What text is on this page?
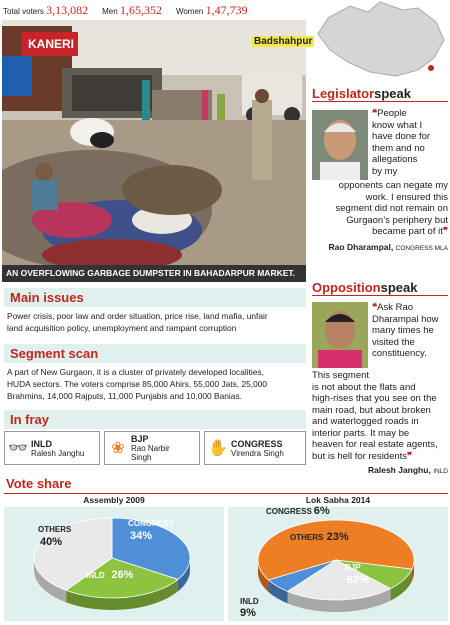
Total voters 3,13,082 Men 1,65,352 Women 1,47,739
KANERI
AN OVERFLOWING GARBAGE DUMPSTER IN BAHADARPUR MARKET.
Badshahpur
Legislatorspeak
❝People
know what I
have done for
them and no
allegations
by my
opponents can negate my
work. I ensured this
segment did not remain on
Gurgaon’s periphery but
became part of it❞
Rao Dharampal, CONGRESS MLA
Oppositionspeak
❝Ask Rao
Dharampal how
many times he
visited the
constituency.
This segment
is not about the flats and
high-rises that you see on the
main road, but about broken
and waterlogged roads in
interior parts. It may be
heaven for real estate agents,
but is hell for residents❞
Ralesh Janghu, INLD
Main issues
Power crisis, poor law and order situation, price rise, land mafia, unfair
land acquisition policy, unemployment and rampant corruption
Segment scan
A part of New Gurgaon, it is a cluster of privately developed localities,
HUDA sectors. The voters comprise 85,000 Ahirs, 55,000 Jats, 25,000
Brahmins, 14,000 Rajputs, 11,000 Punjabis and 10,000 Banias.
In fray
👓 INLD
Ralesh Janghu	❀
BJP
Rao Narbir
Singh
✋ CONGRESS
Virendra Singh
Vote share
Assembly 2009	Lok Sabha 2014
CONGRESS
34%
INLD 26%
OTHERS
40%
BJP
62%
INLD
9%
OTHERS 23%
CONGRESS 6%
